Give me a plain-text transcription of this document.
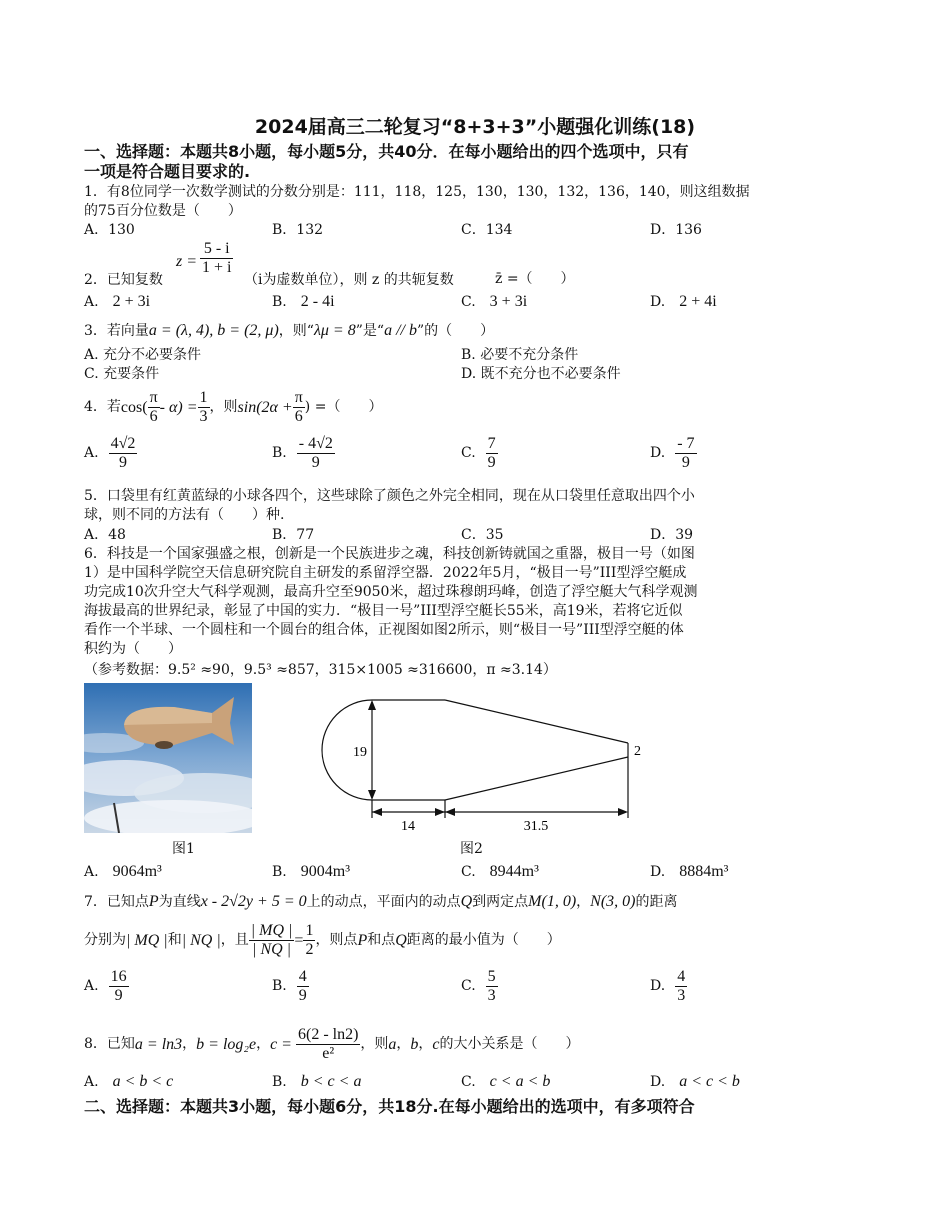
2024届高三二轮复习“8+3+3”小题强化训练(18)
一、选择题：本题共8小题，每小题5分，共40分．在每小题给出的四个选项中，只有
一项是符合题目要求的.
1．有8位同学一次数学测试的分数分别是：111，118，125，130，130，132，136，140，则这组数据
的75百分位数是（　　）
A．130	B．132	C．134	D．136
$z = \frac{5 - i}{1 + i}$
2．已知复数	（i为虚数单位），则 z 的共轭复数	z̄ =（　　）
A.　 2 + 3i	B.　 2 - 4i	C.　 3 + 3i	D.　 2 + 4i
3．若向量a = (λ, 4), b = (2, μ)，则“λμ = 8”是“a // b”的（　　）
A. 充分不必要条件	B. 必要不充分条件
C. 充要条件	D. 既不充分也不必要条件
4．若 $\cos( \frac{\pi}{6} - \alpha) = \frac{1}{3}$ ，则 $\sin(2\alpha + \frac{\pi}{6}$ ) =（　　）
A. $\frac{4√2}{9}$	B. $\frac{- 4√2}{9}$	C. $\frac{7}{9}$	D. $\frac{- 7}{9}$
5．口袋里有红黄蓝绿的小球各四个，这些球除了颜色之外完全相同，现在从口袋里任意取出四个小
球，则不同的方法有（　　）种.
A．48	B．77	C．35	D．39
6．科技是一个国家强盛之根，创新是一个民族进步之魂，科技创新铸就国之重器，极目一号（如图
1）是中国科学院空天信息研究院自主研发的系留浮空器．2022年5月，“极目一号”III型浮空艇成
功完成10次升空大气科学观测，最高升空至9050米，超过珠穆朗玛峰，创造了浮空艇大气科学观测
海拔最高的世界纪录，彰显了中国的实力．“极目一号”III型浮空艇长55米，高19米，若将它近似
看作一个半球、一个圆柱和一个圆台的组合体，正视图如图2所示，则“极目一号”III型浮空艇的体
积约为（　　）
（参考数据：9.5² ≈90，9.5³ ≈857，315×1005 ≈316600，π ≈3.14）
图1
19	2
14	31.5
图2
A.　 9064m³	B.　 9004m³	C.　 8944m³	D.　 8884m³
7．已知点P为直线x - 2√2y + 5 = 0上的动点，平面内的动点Q到两定点M(1, 0)，N(3, 0)的距离
分别为 | MQ | 和 | NQ | ，且 $\frac{| MQ |}{| NQ |} = \frac{1}{2}$ ，则点 P 和点 Q 距离的最小值为（　　）
A. $\frac{16}{9}$	B. $\frac{4}{9}$	C. $\frac{5}{3}$	D. $\frac{4}{3}$
8．已知 a = ln3 ， b = log₂e ， $c = \frac{6(2 - \ln 2)}{\text{e²}}$ ，则 a ， b ， c 的大小关系是（　　）
A.　 a < b < c	B.　 b < c < a	C.　 c < a < b	D.　 a < c < b
二、选择题：本题共3小题，每小题6分，共18分.在每小题给出的选项中，有多项符合
